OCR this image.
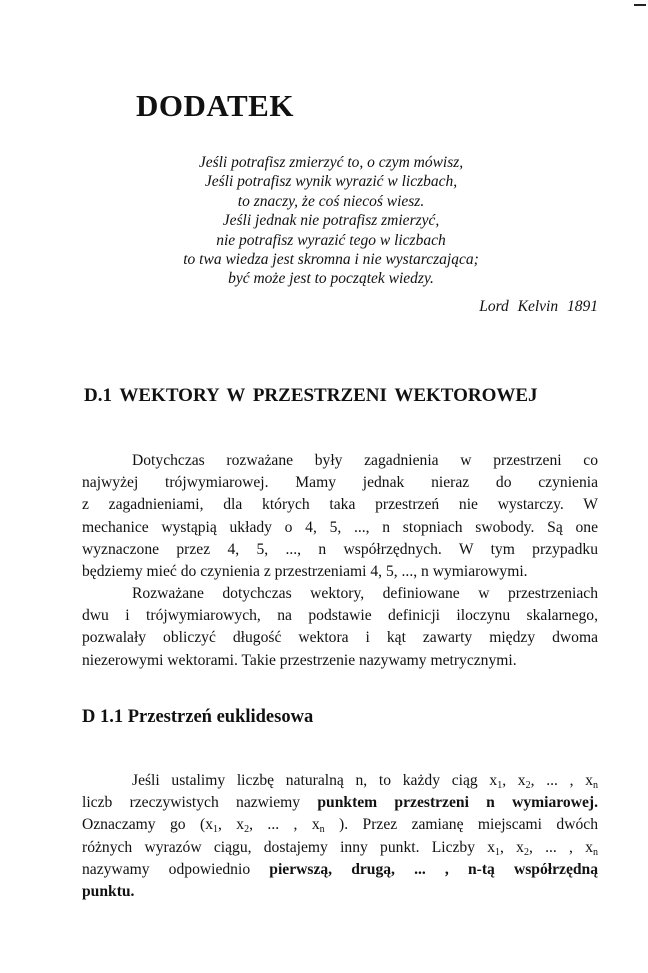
DODATEK
Jeśli potrafisz zmierzyć to, o czym mówisz,
Jeśli potrafisz wynik wyrazić w liczbach,
to znaczy, że coś niecoś wiesz.
Jeśli jednak nie potrafisz zmierzyć,
nie potrafisz wyrazić tego w liczbach
to twa wiedza jest skromna i nie wystarczająca;
być może jest to początek wiedzy.
Lord Kelvin 1891
D.1 WEKTORY W PRZESTRZENI WEKTOROWEJ
Dotychczas rozważane były zagadnienia w przestrzeni co
najwyżej trójwymiarowej. Mamy jednak nieraz do czynienia
z zagadnieniami, dla których taka przestrzeń nie wystarczy. W
mechanice wystąpią układy o 4, 5, ..., n stopniach swobody. Są one
wyznaczone przez 4, 5, ..., n współrzędnych. W tym przypadku
będziemy mieć do czynienia z przestrzeniami 4, 5, ..., n wymiarowymi.
Rozważane dotychczas wektory, definiowane w przestrzeniach
dwu i trójwymiarowych, na podstawie definicji iloczynu skalarnego,
pozwalały obliczyć długość wektora i kąt zawarty między dwoma
niezerowymi wektorami. Takie przestrzenie nazywamy metrycznymi.
D 1.1 Przestrzeń euklidesowa
Jeśli ustalimy liczbę naturalną n, to każdy ciąg $x_1$, $x_2$, ... , $x_n$
liczb rzeczywistych nazwiemy punktem przestrzeni n wymiarowej.
Oznaczamy go ($x_1$, $x_2$, ... , $x_n$ ). Przez zamianę miejscami dwóch
różnych wyrazów ciągu, dostajemy inny punkt. Liczby $x_1$, $x_2$, ... , $x_n$
nazywamy odpowiednio pierwszą, drugą, ... , n-tą współrzędną
punktu.
